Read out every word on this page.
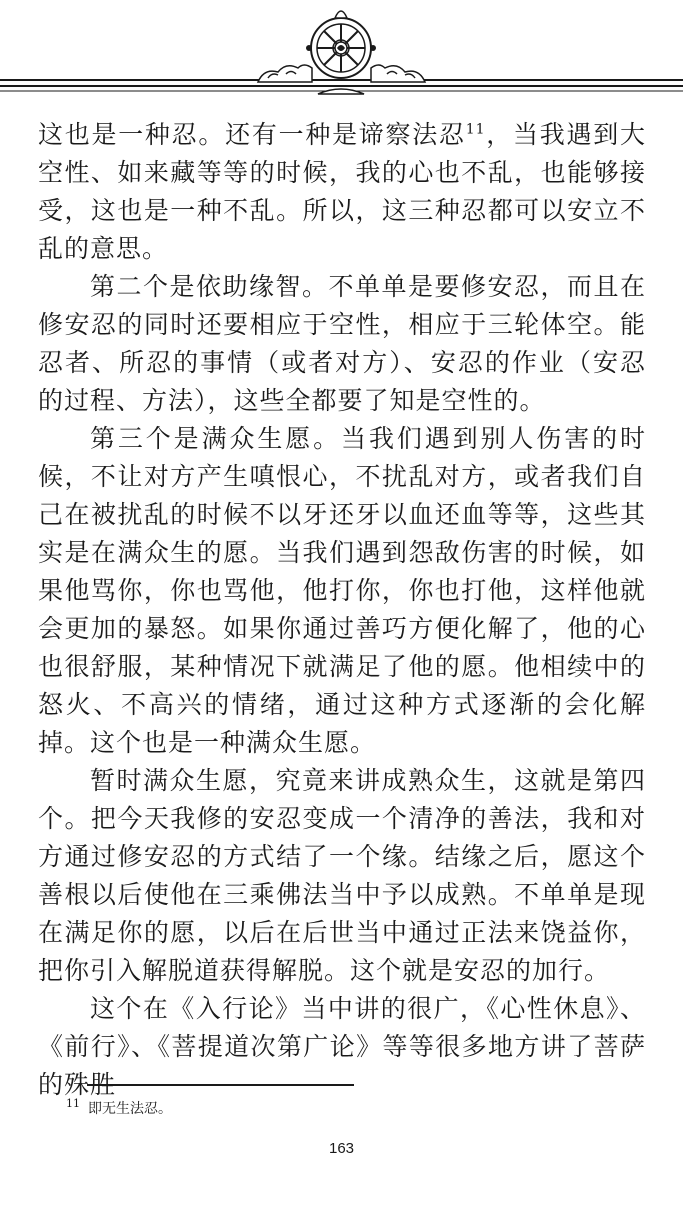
这也是一种忍。还有一种是谛察法忍$^{11}$，当我遇到大空性、如来藏等等的时候，我的心也不乱，也能够接受，这也是一种不乱。所以，这三种忍都可以安立不乱的意思。

第二个是依助缘智。不单单是要修安忍，而且在修安忍的同时还要相应于空性，相应于三轮体空。能忍者、所忍的事情（或者对方）、安忍的作业（安忍的过程、方法），这些全都要了知是空性的。

第三个是满众生愿。当我们遇到别人伤害的时候，不让对方产生嗔恨心，不扰乱对方，或者我们自己在被扰乱的时候不以牙还牙以血还血等等，这些其实是在满众生的愿。当我们遇到怨敌伤害的时候，如果他骂你，你也骂他，他打你，你也打他，这样他就会更加的暴怒。如果你通过善巧方便化解了，他的心也很舒服，某种情况下就满足了他的愿。他相续中的怒火、不高兴的情绪，通过这种方式逐渐的会化解掉。这个也是一种满众生愿。

暂时满众生愿，究竟来讲成熟众生，这就是第四个。把今天我修的安忍变成一个清净的善法，我和对方通过修安忍的方式结了一个缘。结缘之后，愿这个善根以后使他在三乘佛法当中予以成熟。不单单是现在满足你的愿，以后在后世当中通过正法来饶益你，把你引入解脱道获得解脱。这个就是安忍的加行。

这个在《入行论》当中讲的很广，《心性休息》、《前行》、《菩提道次第广论》等等很多地方讲了菩萨的殊胜

$^{11}$ 即无生法忍。
163
